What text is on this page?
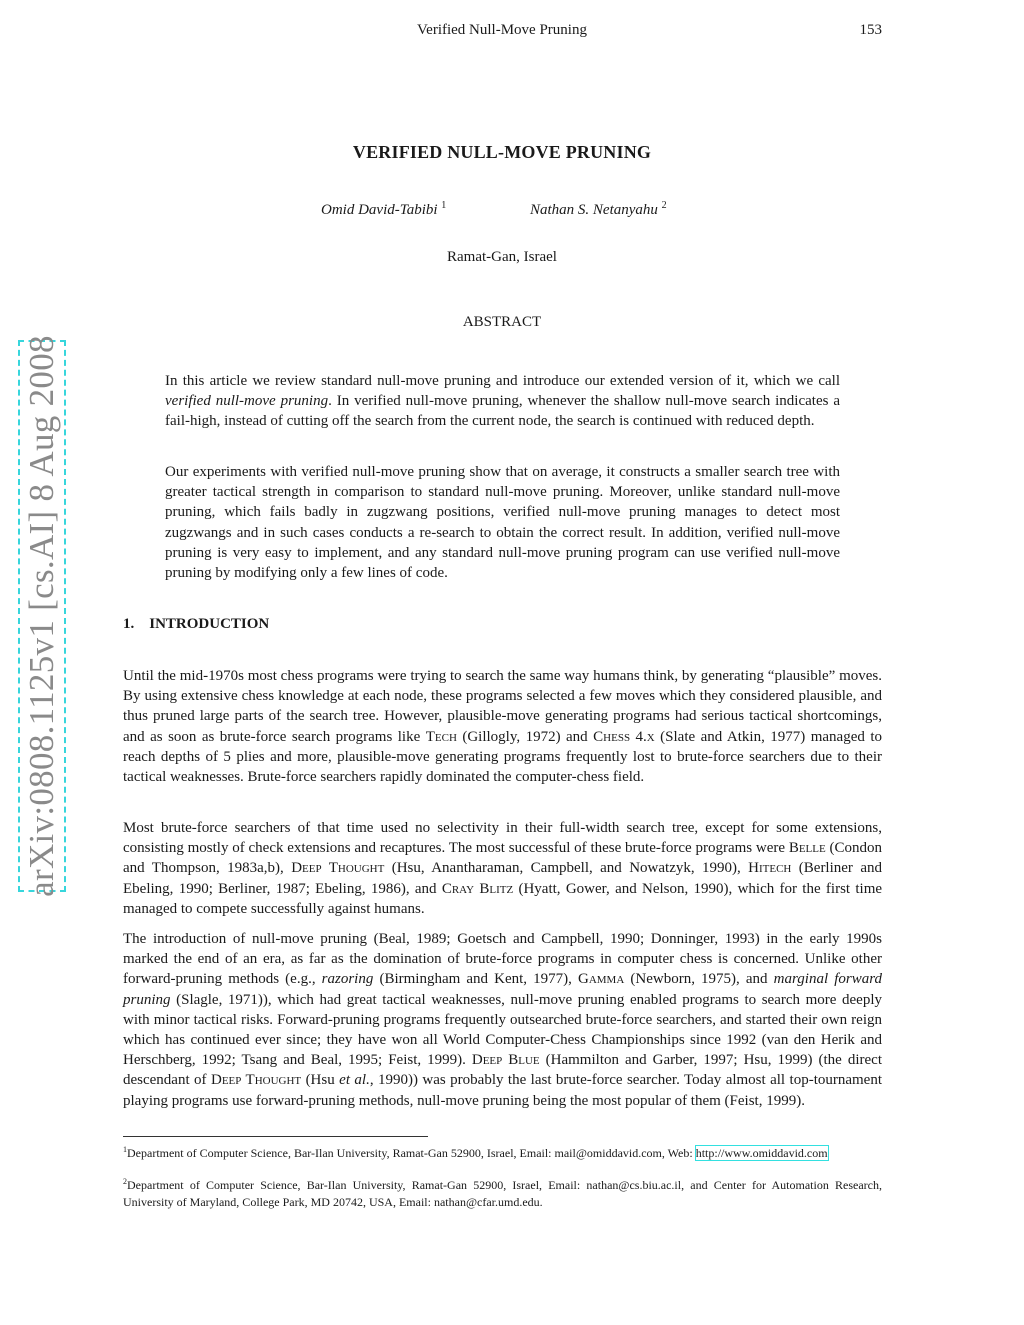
Verified Null-Move Pruning	153
arXiv:0808.1125v1 [cs.AI] 8 Aug 2008
VERIFIED NULL-MOVE PRUNING
Omid David-Tabibi $^1$	Nathan S. Netanyahu $^2$
Ramat-Gan, Israel
ABSTRACT

In this article we review standard null-move pruning and introduce our extended version of it, which we call verified null-move pruning. In verified null-move pruning, whenever the shallow null-move search indicates a fail-high, instead of cutting off the search from the current node, the search is continued with reduced depth.

Our experiments with verified null-move pruning show that on average, it constructs a smaller search tree with greater tactical strength in comparison to standard null-move pruning. Moreover, unlike standard null-move pruning, which fails badly in zugzwang positions, verified null-move pruning manages to detect most zugzwangs and in such cases conducts a re-search to obtain the correct result. In addition, verified null-move pruning is very easy to implement, and any standard null-move pruning program can use verified null-move pruning by modifying only a few lines of code.

1. INTRODUCTION

Until the mid-1970s most chess programs were trying to search the same way humans think, by generating “plausible” moves. By using extensive chess knowledge at each node, these programs selected a few moves which they considered plausible, and thus pruned large parts of the search tree. However, plausible-move generating programs had serious tactical shortcomings, and as soon as brute-force search programs like Tech (Gillogly, 1972) and Chess 4.x (Slate and Atkin, 1977) managed to reach depths of 5 plies and more, plausible-move generating programs frequently lost to brute-force searchers due to their tactical weaknesses. Brute-force searchers rapidly dominated the computer-chess field.

Most brute-force searchers of that time used no selectivity in their full-width search tree, except for some extensions, consisting mostly of check extensions and recaptures. The most successful of these brute-force programs were Belle (Condon and Thompson, 1983a,b), Deep Thought (Hsu, Anantharaman, Campbell, and Nowatzyk, 1990), Hitech (Berliner and Ebeling, 1990; Berliner, 1987; Ebeling, 1986), and Cray Blitz (Hyatt, Gower, and Nelson, 1990), which for the first time managed to compete successfully against humans.

The introduction of null-move pruning (Beal, 1989; Goetsch and Campbell, 1990; Donninger, 1993) in the early 1990s marked the end of an era, as far as the domination of brute-force programs in computer chess is concerned. Unlike other forward-pruning methods (e.g., razoring (Birmingham and Kent, 1977), Gamma (Newborn, 1975), and marginal forward pruning (Slagle, 1971)), which had great tactical weaknesses, null-move pruning enabled programs to search more deeply with minor tactical risks. Forward-pruning programs frequently outsearched brute-force searchers, and started their own reign which has continued ever since; they have won all World Computer-Chess Championships since 1992 (van den Herik and Herschberg, 1992; Tsang and Beal, 1995; Feist, 1999). Deep Blue (Hammilton and Garber, 1997; Hsu, 1999) (the direct descendant of Deep Thought (Hsu et al., 1990)) was probably the last brute-force searcher. Today almost all top-tournament playing programs use forward-pruning methods, null-move pruning being the most popular of them (Feist, 1999).

$^1$Department of Computer Science, Bar-Ilan University, Ramat-Gan 52900, Israel, Email: mail@omiddavid.com, Web: http://www.omiddavid.com

$^2$Department of Computer Science, Bar-Ilan University, Ramat-Gan 52900, Israel, Email: nathan@cs.biu.ac.il, and Center for Automation Research, University of Maryland, College Park, MD 20742, USA, Email: nathan@cfar.umd.edu.
